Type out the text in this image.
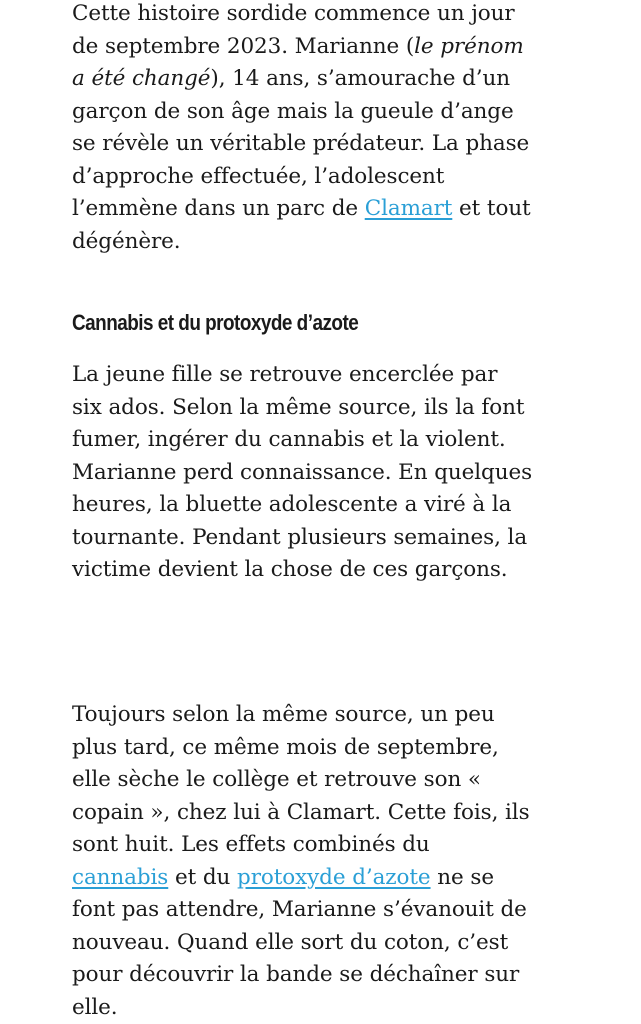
Cette histoire sordide commence un jour de septembre 2023. Marianne (le prénom a été changé), 14 ans, s’amourache d’un garçon de son âge mais la gueule d’ange se révèle un véritable prédateur. La phase d’approche effectuée, l’adolescent l’emmène dans un parc de Clamart et tout dégénère.

Cannabis et du protoxyde d’azote

La jeune fille se retrouve encerclée par six ados. Selon la même source, ils la font fumer, ingérer du cannabis et la violent. Marianne perd connaissance. En quelques heures, la bluette adolescente a viré à la tournante. Pendant plusieurs semaines, la victime devient la chose de ces garçons.

Toujours selon la même source, un peu plus tard, ce même mois de septembre, elle sèche le collège et retrouve son « copain », chez lui à Clamart. Cette fois, ils sont huit. Les effets combinés du cannabis et du protoxyde d’azote ne se font pas attendre, Marianne s’évanouit de nouveau. Quand elle sort du coton, c’est pour découvrir la bande se déchaîner sur elle.
